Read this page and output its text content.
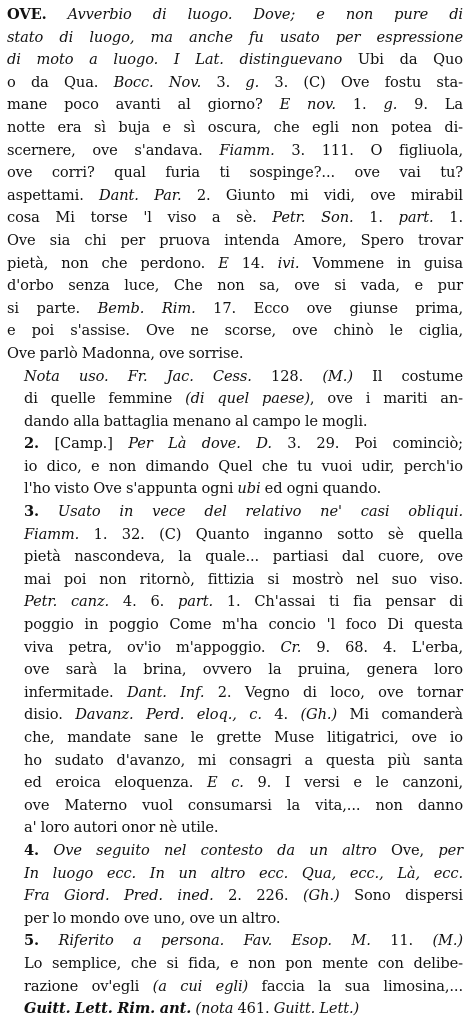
OVE. Avverbio di luogo. Dove; e non pure di
stato di luogo, ma anche fu usato per espressione
di moto a luogo. I Lat. distinguevano Ubi da Quo
o da Qua. Bocc. Nov. 3. g. 3. (C) Ove fostu sta-
mane poco avanti al giorno? E nov. 1. g. 9. La
notte era sì buja e sì oscura, che egli non potea di-
scernere, ove s'andava. Fiamm. 3. 111. O figliuola,
ove corri? qual furia ti sospinge?... ove vai tu?
aspettami. Dant. Par. 2. Giunto mi vidi, ove mirabil
cosa Mi torse 'l viso a sè. Petr. Son. 1. part. 1.
Ove sia chi per pruova intenda Amore, Spero trovar
pietà, non che perdono. E 14. ivi. Vommene in guisa
d'orbo senza luce, Che non sa, ove si vada, e pur
si parte. Bemb. Rim. 17. Ecco ove giunse prima,
e poi s'assise. Ove ne scorse, ove chinò le ciglia,
Ove parlò Madonna, ove sorrise.

Nota uso. Fr. Jac. Cess. 128. (M.) Il costume
di quelle femmine (di quel paese), ove i mariti an-
dando alla battaglia menano al campo le mogli.

2. [Camp.] Per Là dove. D. 3. 29. Poi cominciò;
io dico, e non dimando Quel che tu vuoi udir, perch'io
l'ho visto Ove s'appunta ogni ubi ed ogni quando.

3. Usato in vece del relativo ne' casi obliqui.
Fiamm. 1. 32. (C) Quanto inganno sotto sè quella
pietà nascondeva, la quale... partiasi dal cuore, ove
mai poi non ritornò, fittizia si mostrò nel suo viso.
Petr. canz. 4. 6. part. 1. Ch'assai ti fia pensar di
poggio in poggio Come m'ha concio 'l foco Di questa
viva petra, ov'io m'appoggio. Cr. 9. 68. 4. L'erba,
ove sarà la brina, ovvero la pruina, genera loro
infermitade. Dant. Inf. 2. Vegno di loco, ove tornar
disio. Davanz. Perd. eloq., c. 4. (Gh.) Mi comanderà
che, mandate sane le grette Muse litigatrici, ove io
ho sudato d'avanzo, mi consagri a questa più santa
ed eroica eloquenza. E c. 9. I versi e le canzoni,
ove Materno vuol consumarsi la vita,... non danno
a' loro autori onor nè utile.

4. Ove seguito nel contesto da un altro Ove, per
In luogo ecc. In un altro ecc. Qua, ecc., Là, ecc.
Fra Giord. Pred. ined. 2. 226. (Gh.) Sono dispersi
per lo mondo ove uno, ove un altro.

5. Riferito a persona. Fav. Esop. M. 11. (M.)
Lo semplice, che si fida, e non pon mente con delibe-
razione ov'egli (a cui egli) faccia la sua limosina,...
Guitt. Lett. Rim. ant. (nota 461. Guitt. Lett.)
